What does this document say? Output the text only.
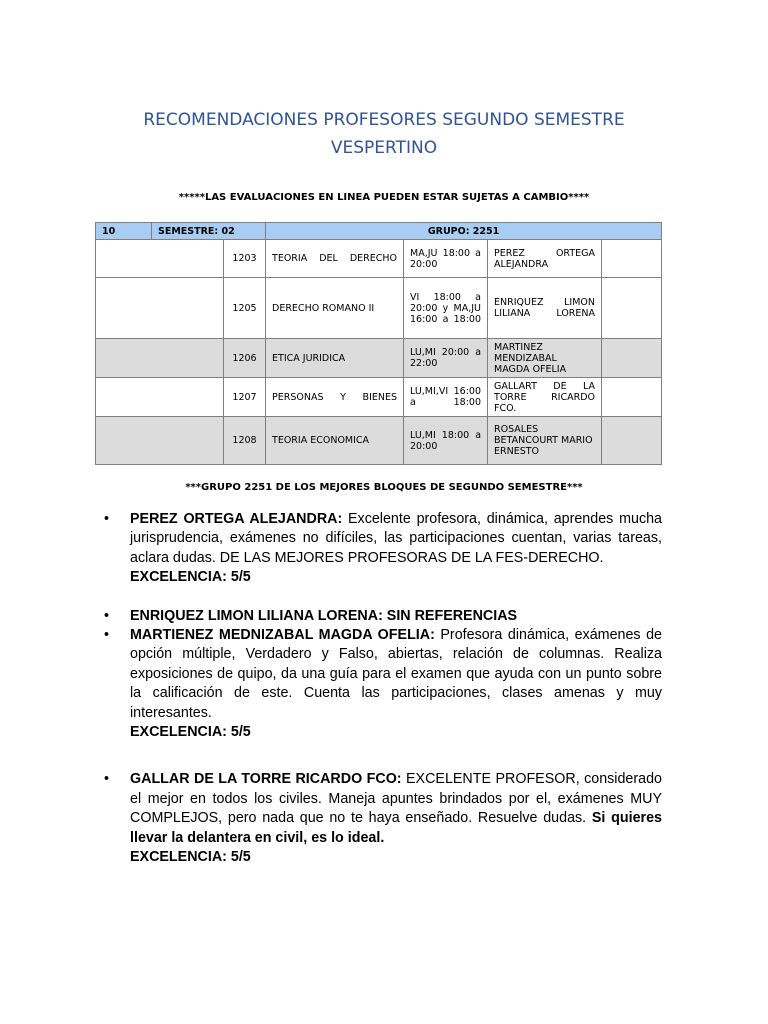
RECOMENDACIONES PROFESORES SEGUNDO SEMESTRE
VESPERTINO
*****LAS EVALUACIONES EN LINEA PUEDEN ESTAR SUJETAS A CAMBIO****
10	SEMESTRE: 02		GRUPO: 2251			
		1203	TEORIA DEL DERECHO	MA,JU 18:00 a 20:00	PEREZ ORTEGA ALEJANDRA	
		1205	DERECHO ROMANO II	VI 18:00 a 20:00 y MA,JU 16:00 a 18:00	ENRIQUEZ LIMON LILIANA LORENA	
		1206	ETICA JURIDICA	LU,MI 20:00 a 22:00	MARTINEZ MENDIZABAL MAGDA OFELIA	
		1207	PERSONAS Y BIENES	LU,MI,VI 16:00 a 18:00	GALLART DE LA TORRE RICARDO FCO.	
		1208	TEORIA ECONOMICA	LU,MI 18:00 a 20:00	ROSALES BETANCOURT MARIO ERNESTO	
***GRUPO 2251 DE LOS MEJORES BLOQUES DE SEGUNDO SEMESTRE***
• PEREZ ORTEGA ALEJANDRA: Excelente profesora, dinámica, aprendes mucha jurisprudencia, exámenes no difíciles, las participaciones cuentan, varias tareas, aclara dudas. DE LAS MEJORES PROFESORAS DE LA FES-DERECHO.
EXCELENCIA: 5/5
• ENRIQUEZ LIMON LILIANA LORENA: SIN REFERENCIAS
• MARTIENEZ MEDNIZABAL MAGDA OFELIA: Profesora dinámica, exámenes de opción múltiple, Verdadero y Falso, abiertas, relación de columnas. Realiza exposiciones de quipo, da una guía para el examen que ayuda con un punto sobre la calificación de este. Cuenta las participaciones, clases amenas y muy interesantes.
EXCELENCIA: 5/5
• GALLAR DE LA TORRE RICARDO FCO: EXCELENTE PROFESOR, considerado el mejor en todos los civiles. Maneja apuntes brindados por el, exámenes MUY COMPLEJOS, pero nada que no te haya enseñado. Resuelve dudas. Si quieres llevar la delantera en civil, es lo ideal.
EXCELENCIA: 5/5
